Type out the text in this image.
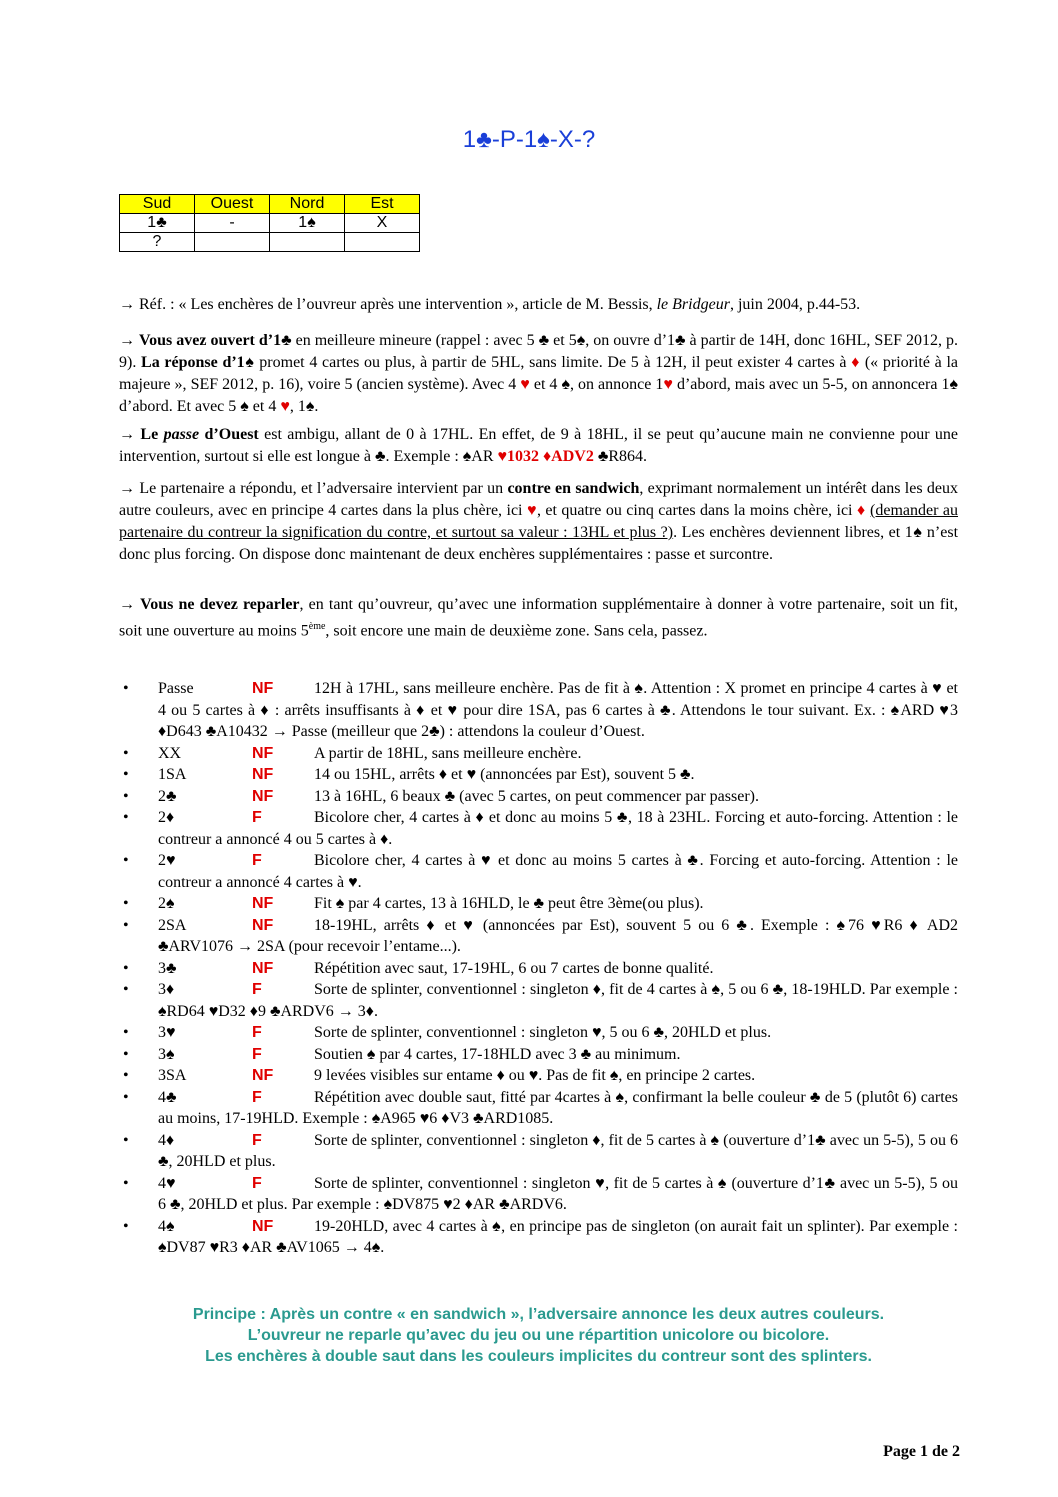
1♣-P-1♠-X-?
Sud	Ouest	Nord	Est
1♣	-	1♠	X
?			
→ Réf. : « Les enchères de l’ouvreur après une intervention », article de M. Bessis, le Bridgeur, juin 2004, p.44-53.
→ Vous avez ouvert d’1♣ en meilleure mineure (rappel : avec 5 ♣ et 5♠, on ouvre d’1♣ à partir de 14H, donc 16HL, SEF 2012, p. 9). La réponse d’1♠ promet 4 cartes ou plus, à partir de 5HL, sans limite. De 5 à 12H, il peut exister 4 cartes à ♦ (« priorité à la majeure », SEF 2012, p. 16), voire 5 (ancien système). Avec 4 ♥ et 4 ♠, on annonce 1♥ d’abord, mais avec un 5-5, on annoncera 1♠ d’abord. Et avec 5 ♠ et 4 ♥, 1♠.
→ Le passe d’Ouest est ambigu, allant de 0 à 17HL. En effet, de 9 à 18HL, il se peut qu’aucune main ne convienne pour une intervention, surtout si elle est longue à ♣. Exemple : ♠AR ♥1032 ♦ADV2 ♣R864.
→ Le partenaire a répondu, et l’adversaire intervient par un contre en sandwich, exprimant normalement un intérêt dans les deux autre couleurs, avec en principe 4 cartes dans la plus chère, ici ♥, et quatre ou cinq cartes dans la moins chère, ici ♦ (demander au partenaire du contreur la signification du contre, et surtout sa valeur : 13HL et plus ?). Les enchères deviennent libres, et 1♠ n’est donc plus forcing. On dispose donc maintenant de deux enchères supplémentaires : passe et surcontre.
→ Vous ne devez reparler, en tant qu’ouvreur, qu’avec une information supplémentaire à donner à votre partenaire, soit un fit, soit une ouverture au moins 5ème, soit encore une main de deuxième zone. Sans cela, passez.
• Passe	NF	12H à 17HL, sans meilleure enchère. Pas de fit à ♠. Attention : X promet en principe 4 cartes à ♥ et 4 ou 5 cartes à ♦ : arrêts insuffisants à ♦ et ♥ pour dire 1SA, pas 6 cartes à ♣. Attendons le tour suivant. Ex. : ♠ARD ♥3 ♦D643 ♣A10432 → Passe (meilleur que 2♣) : attendons la couleur d’Ouest.
• XX	NF	A partir de 18HL, sans meilleure enchère.
• 1SA	NF	14 ou 15HL, arrêts ♦ et ♥ (annoncées par Est), souvent 5 ♣.
• 2♣	NF	13 à 16HL, 6 beaux ♣ (avec 5 cartes, on peut commencer par passer).
• 2♦	F	Bicolore cher, 4 cartes à ♦ et donc au moins 5 ♣, 18 à 23HL. Forcing et auto-forcing. Attention : le contreur a annoncé 4 ou 5 cartes à ♦.
• 2♥	F	Bicolore cher, 4 cartes à ♥ et donc au moins 5 cartes à ♣. Forcing et auto-forcing. Attention : le contreur a annoncé 4 cartes à ♥.
• 2♠	NF	Fit ♠ par 4 cartes, 13 à 16HLD, le ♣ peut être 3ème(ou plus).
• 2SA	NF	18-19HL, arrêts ♦ et ♥ (annoncées par Est), souvent 5 ou 6 ♣. Exemple : ♠76 ♥R6 ♦ AD2 ♣ARV1076 → 2SA (pour recevoir l’entame...).
• 3♣	NF	Répétition avec saut, 17-19HL, 6 ou 7 cartes de bonne qualité.
• 3♦	F	Sorte de splinter, conventionnel : singleton ♦, fit de 4 cartes à ♠, 5 ou 6 ♣, 18-19HLD. Par exemple : ♠RD64 ♥D32 ♦9 ♣ARDV6 → 3♦.
• 3♥	F	Sorte de splinter, conventionnel : singleton ♥, 5 ou 6 ♣, 20HLD et plus.
• 3♠	F	Soutien ♠ par 4 cartes, 17-18HLD avec 3 ♣ au minimum.
• 3SA	NF	9 levées visibles sur entame ♦ ou ♥. Pas de fit ♠, en principe 2 cartes.
• 4♣	F	Répétition avec double saut, fitté par 4cartes à ♠, confirmant la belle couleur ♣ de 5 (plutôt 6) cartes au moins, 17-19HLD. Exemple : ♠A965 ♥6 ♦V3 ♣ARD1085.
• 4♦	F	Sorte de splinter, conventionnel : singleton ♦, fit de 5 cartes à ♠ (ouverture d’1♣ avec un 5-5), 5 ou 6 ♣, 20HLD et plus.
• 4♥	F	Sorte de splinter, conventionnel : singleton ♥, fit de 5 cartes à ♠ (ouverture d’1♣ avec un 5-5), 5 ou 6 ♣, 20HLD et plus. Par exemple : ♠DV875 ♥2 ♦AR ♣ARDV6.
• 4♠	NF	19-20HLD, avec 4 cartes à ♠, en principe pas de singleton (on aurait fait un splinter). Par exemple : ♠DV87 ♥R3 ♦AR ♣AV1065 → 4♠.
Principe : Après un contre « en sandwich », l’adversaire annonce les deux autres couleurs.
L’ouvreur ne reparle qu’avec du jeu ou une répartition unicolore ou bicolore.
Les enchères à double saut dans les couleurs implicites du contreur sont des splinters.
Page 1 de 2
